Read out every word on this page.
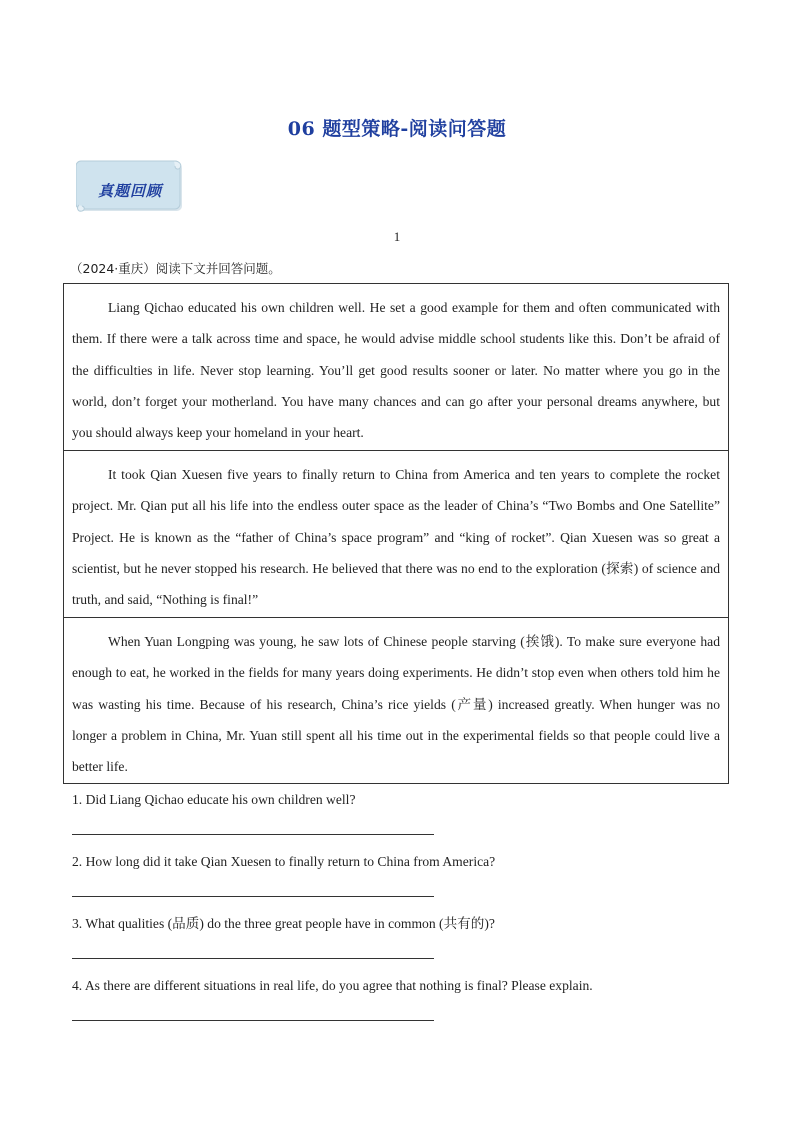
06 题型策略-阅读问答题
真题回顾
1
（2024·重庆）阅读下文并回答问题。
Liang Qichao educated his own children well. He set a good example for them and often communicated with them. If there were a talk across time and space, he would advise middle school students like this. Don’t be afraid of the difficulties in life. Never stop learning. You’ll get good results sooner or later. No matter where you go in the world, don’t forget your motherland. You have many chances and can go after your personal dreams anywhere, but you should always keep your homeland in your heart.
It took Qian Xuesen five years to finally return to China from America and ten years to complete the rocket project. Mr. Qian put all his life into the endless outer space as the leader of China’s “Two Bombs and One Satellite” Project. He is known as the “father of China’s space program” and “king of rocket”. Qian Xuesen was so great a scientist, but he never stopped his research. He believed that there was no end to the exploration (探索) of science and truth, and said, “Nothing is final!”
When Yuan Longping was young, he saw lots of Chinese people starving (挨饿). To make sure everyone had enough to eat, he worked in the fields for many years doing experiments. He didn’t stop even when others told him he was wasting his time. Because of his research, China’s rice yields (产量) increased greatly. When hunger was no longer a problem in China, Mr. Yuan still spent all his time out in the experimental fields so that people could live a better life.
1. Did Liang Qichao educate his own children well?
2. How long did it take Qian Xuesen to finally return to China from America?
3. What qualities (品质) do the three great people have in common (共有的)?
4. As there are different situations in real life, do you agree that nothing is final? Please explain.
